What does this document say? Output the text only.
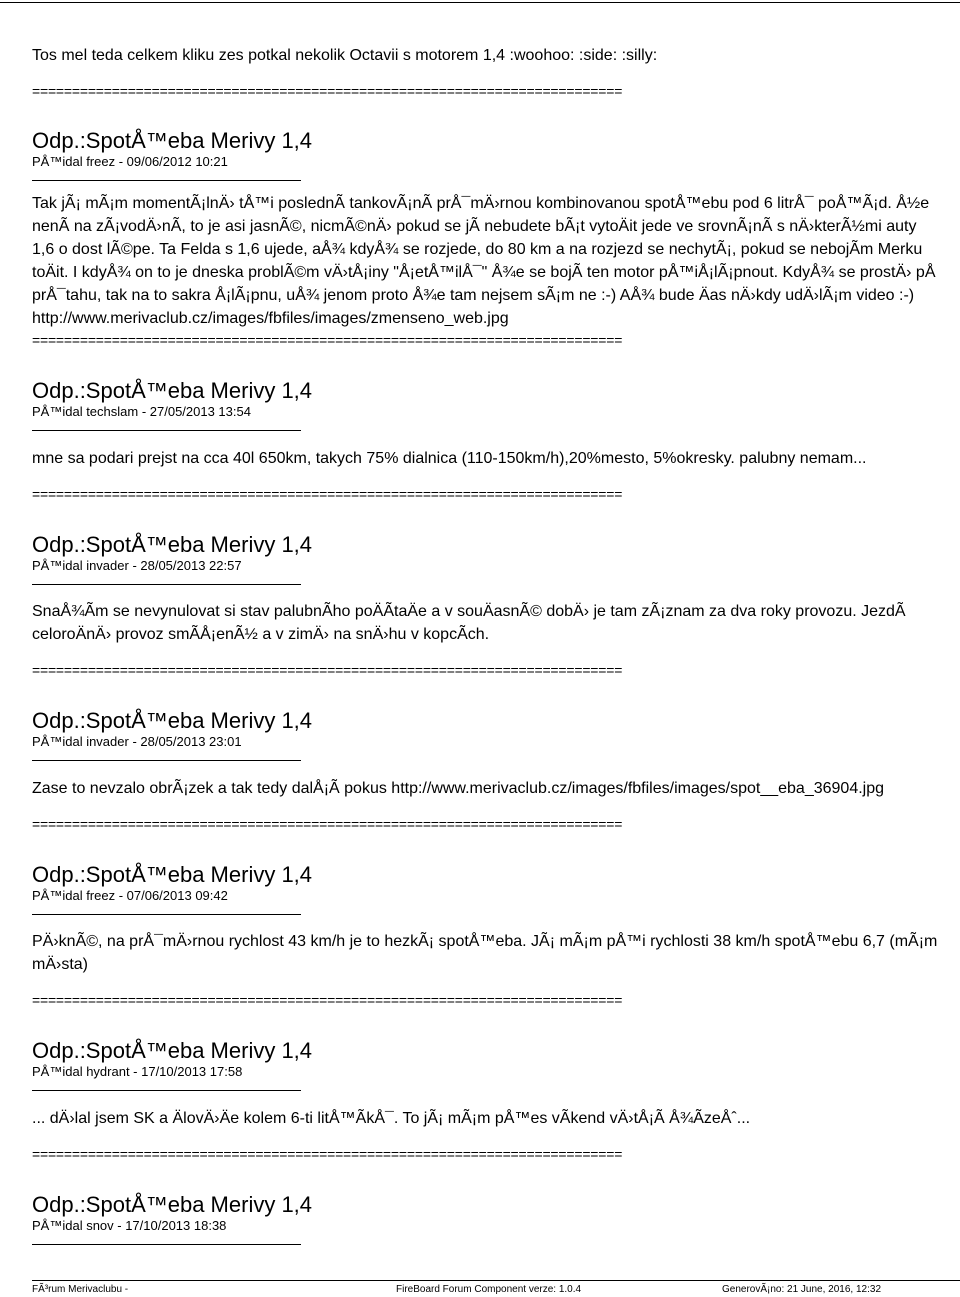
Tos mel teda celkem kliku zes potkal nekolik Octavii s motorem 1,4 :woohoo: :side: :silly:
==========================================================================
Odp.:SpotÅ™eba Merivy 1,4
PÅ™idal freez - 09/06/2012 10:21
Tak jÃ¡ mÃ¡m momentÃ¡lnÄ› tÅ™i poslednÃ tankovÃ¡nÃ prÅ¯mÄ›rnou kombinovanou spotÅ™ebu pod 6 litrÅ¯ poÅ™Ã¡d. Å½e
nenÃ na zÃ¡vodÄ›nÃ, to je asi jasnÃ©, nicmÃ©nÄ› pokud se jÃ nebudete bÃ¡t vytoÄit jede ve srovnÃ¡nÃ s nÄ›kterÃ½mi auty
1,6 o dost lÃ©pe. Ta Felda s 1,6 ujede, aÅ¾ kdyÅ¾ se rozjede, do 80 km a na rozjezd se nechytÃ¡, pokud se nebojÃm Merku
toÄit. I kdyÅ¾ on to je dneska problÃ©m vÄ›tÅ¡iny "Å¡etÅ™ilÅ¯" Å¾e se bojÃ ten motor pÅ™iÅ¡lÃ¡pnout. KdyÅ¾ se prostÄ› pÅ
prÅ¯tahu, tak na to sakra Å¡lÃ¡pnu, uÅ¾ jenom proto Å¾e tam nejsem sÃ¡m ne :-) AÅ¾ bude Äas nÄ›kdy udÄ›lÃ¡m video :-)
http://www.merivaclub.cz/images/fbfiles/images/zmenseno_web.jpg
==========================================================================
Odp.:SpotÅ™eba Merivy 1,4
PÅ™idal techslam - 27/05/2013 13:54
mne sa podari prejst na cca 40l 650km, takych 75% dialnica (110-150km/h),20%mesto, 5%okresky. palubny nemam...
==========================================================================
Odp.:SpotÅ™eba Merivy 1,4
PÅ™idal invader - 28/05/2013 22:57
SnaÅ¾Ãm se nevynulovat si stav palubnÃho poÄÃtaÄe a v souÄasnÃ© dobÄ› je tam zÃ¡znam za dva roky provozu. JezdÃ
celoroÄnÄ› provoz smÃÅ¡enÃ½ a v zimÄ› na snÄ›hu v kopcÃch.
==========================================================================
Odp.:SpotÅ™eba Merivy 1,4
PÅ™idal invader - 28/05/2013 23:01
Zase to nevzalo obrÃ¡zek a tak tedy dalÅ¡Ã pokus http://www.merivaclub.cz/images/fbfiles/images/spot__eba_36904.jpg
==========================================================================
Odp.:SpotÅ™eba Merivy 1,4
PÅ™idal freez - 07/06/2013 09:42
PÄ›knÃ©, na prÅ¯mÄ›rnou rychlost 43 km/h je to hezkÃ¡ spotÅ™eba. JÃ¡ mÃ¡m pÅ™i rychlosti 38 km/h spotÅ™ebu 6,7 (mÃ¡m
mÄ›sta)
==========================================================================
Odp.:SpotÅ™eba Merivy 1,4
PÅ™idal hydrant - 17/10/2013 17:58
... dÄ›lal jsem SK a ÄlovÄ›Äe kolem 6-ti litÅ™ÃkÅ¯. To jÃ¡ mÃ¡m pÅ™es vÃkend vÄ›tÅ¡Ã Å¾ÃzeÅˆ...
==========================================================================
Odp.:SpotÅ™eba Merivy 1,4
PÅ™idal snov - 17/10/2013 18:38
FÃ³rum Merivaclubu -	FireBoard Forum Component verze: 1.0.4	GenerovÃ¡no: 21 June, 2016, 12:32
